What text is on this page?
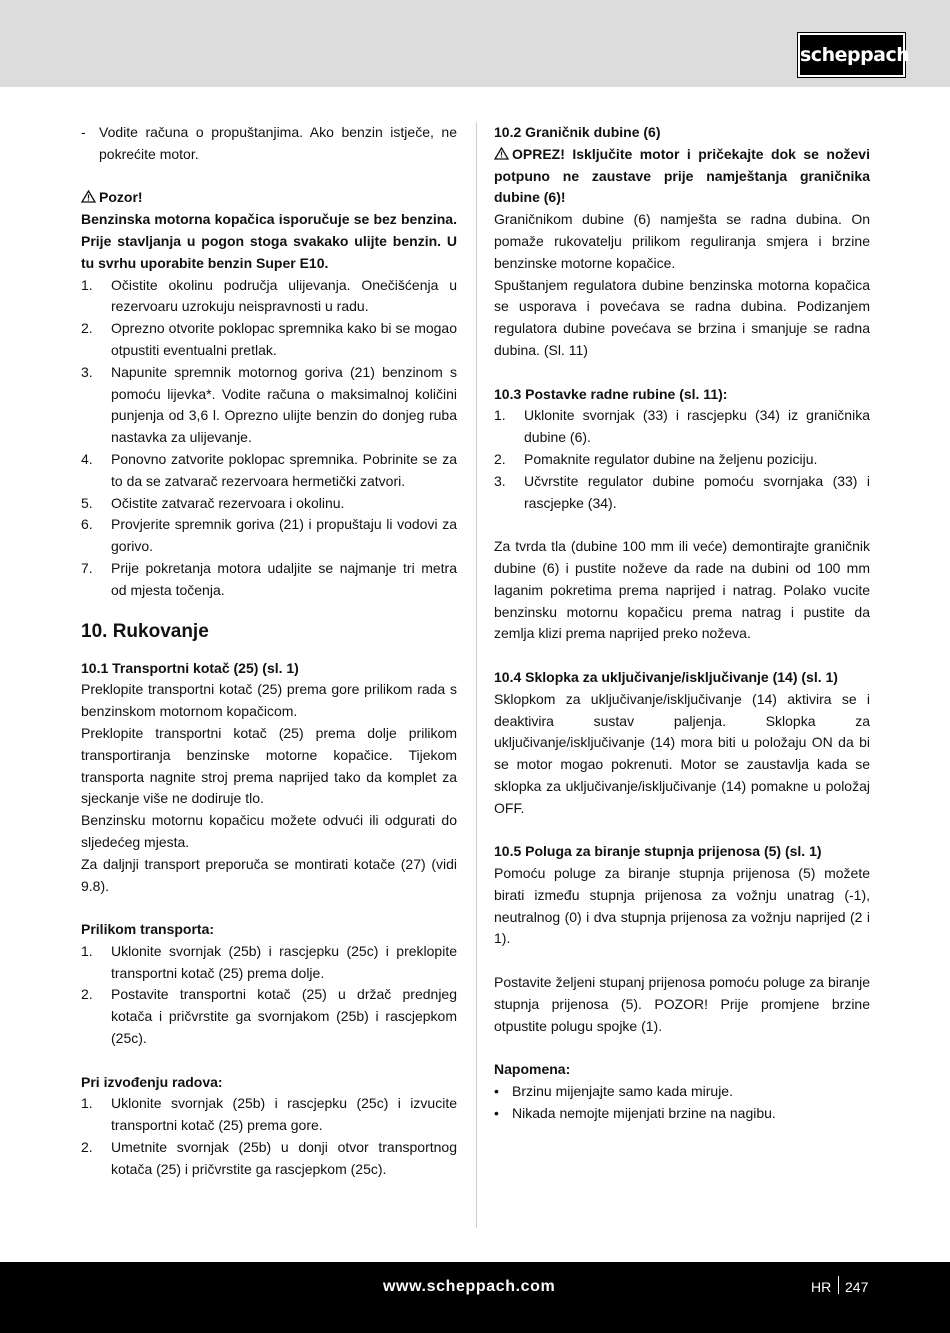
scheppach
- Vodite računa o propuštanjima. Ako benzin istječe, ne pokrećite motor.

Pozor!

Benzinska motorna kopačica isporučuje se bez benzina. Prije stavljanja u pogon stoga svakako ulijte benzin. U tu svrhu uporabite benzin Super E10.

1. Očistite okolinu područja ulijevanja. Onečišćenja u rezervoaru uzrokuju neispravnosti u radu.
2. Oprezno otvorite poklopac spremnika kako bi se mogao otpustiti eventualni pretlak.
3. Napunite spremnik motornog goriva (21) benzinom s pomoću lijevka*. Vodite računa o maksimalnoj količini punjenja od 3,6 l. Oprezno ulijte benzin do donjeg ruba nastavka za ulijevanje.
4. Ponovno zatvorite poklopac spremnika. Pobrinite se za to da se zatvarač rezervoara hermetički zatvori.
5. Očistite zatvarač rezervoara i okolinu.
6. Provjerite spremnik goriva (21) i propuštaju li vodovi za gorivo.
7. Prije pokretanja motora udaljite se najmanje tri metra od mjesta točenja.
10. Rukovanje

10.1 Transportni kotač (25) (sl. 1)

Preklopite transportni kotač (25) prema gore prilikom rada s benzinskom motornom kopačicom.

Preklopite transportni kotač (25) prema dolje prilikom transportiranja benzinske motorne kopačice. Tijekom transporta nagnite stroj prema naprijed tako da komplet za sjeckanje više ne dodiruje tlo.

Benzinsku motornu kopačicu možete odvući ili odgurati do sljedećeg mjesta.

Za daljnji transport preporuča se montirati kotače (27) (vidi 9.8).

Prilikom transporta:

1. Uklonite svornjak (25b) i rascjepku (25c) i preklopite transportni kotač (25) prema dolje.
2. Postavite transportni kotač (25) u držač prednjeg kotača i pričvrstite ga svornjakom (25b) i rascjepkom (25c).

Pri izvođenju radova:

1. Uklonite svornjak (25b) i rascjepku (25c) i izvucite transportni kotač (25) prema gore.
2. Umetnite svornjak (25b) u donji otvor transportnog kotača (25) i pričvrstite ga rascjepkom (25c).

10.2 Graničnik dubine (6)

OPREZ! Isključite motor i pričekajte dok se noževi potpuno ne zaustave prije namještanja graničnika dubine (6)!

Graničnikom dubine (6) namješta se radna dubina. On pomaže rukovatelju prilikom reguliranja smjera i brzine benzinske motorne kopačice.

Spuštanjem regulatora dubine benzinska motorna kopačica se usporava i povećava se radna dubina. Podizanjem regulatora dubine povećava se brzina i smanjuje se radna dubina. (Sl. 11)

10.3 Postavke radne rubine (sl. 11):

1. Uklonite svornjak (33) i rascjepku (34) iz graničnika dubine (6).
2. Pomaknite regulator dubine na željenu poziciju.
3. Učvrstite regulator dubine pomoću svornjaka (33) i rascjepke (34).

Za tvrda tla (dubine 100 mm ili veće) demontirajte graničnik dubine (6) i pustite noževe da rade na dubini od 100 mm laganim pokretima prema naprijed i natrag. Polako vucite benzinsku motornu kopačicu prema natrag i pustite da zemlja klizi prema naprijed preko noževa.

10.4 Sklopka za uključivanje/isključivanje (14) (sl. 1)

Sklopkom za uključivanje/isključivanje (14) aktivira se i deaktivira sustav paljenja. Sklopka za uključivanje/isključivanje (14) mora biti u položaju ON da bi se motor mogao pokrenuti. Motor se zaustavlja kada se sklopka za uključivanje/isključivanje (14) pomakne u položaj OFF.

10.5 Poluga za biranje stupnja prijenosa (5) (sl. 1)

Pomoću poluge za biranje stupnja prijenosa (5) možete birati između stupnja prijenosa za vožnju unatrag (-1), neutralnog (0) i dva stupnja prijenosa za vožnju naprijed (2 i 1).

Postavite željeni stupanj prijenosa pomoću poluge za biranje stupnja prijenosa (5). POZOR! Prije promjene brzine otpustite polugu spojke (1).

Napomena:

• Brzinu mijenjajte samo kada miruje.
• Nikada nemojte mijenjati brzine na nagibu.
www.scheppach.com	HR 247
